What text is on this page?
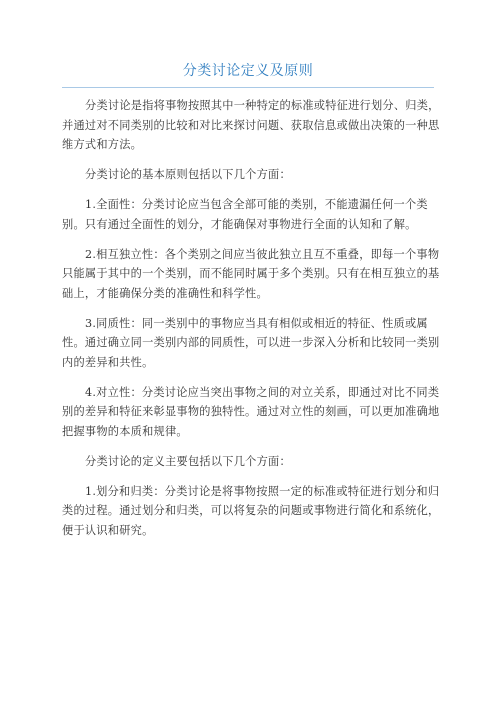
分类讨论定义及原则

分类讨论是指将事物按照其中一种特定的标准或特征进行划分、归类，并通过对不同类别的比较和对比来探讨问题、获取信息或做出决策的一种思维方式和方法。

分类讨论的基本原则包括以下几个方面：

1.全面性：分类讨论应当包含全部可能的类别，不能遗漏任何一个类别。只有通过全面性的划分，才能确保对事物进行全面的认知和了解。

2.相互独立性：各个类别之间应当彼此独立且互不重叠，即每一个事物只能属于其中的一个类别，而不能同时属于多个类别。只有在相互独立的基础上，才能确保分类的准确性和科学性。

3.同质性：同一类别中的事物应当具有相似或相近的特征、性质或属性。通过确立同一类别内部的同质性，可以进一步深入分析和比较同一类别内的差异和共性。

4.对立性：分类讨论应当突出事物之间的对立关系，即通过对比不同类别的差异和特征来彰显事物的独特性。通过对立性的刻画，可以更加准确地把握事物的本质和规律。

分类讨论的定义主要包括以下几个方面：

1.划分和归类：分类讨论是将事物按照一定的标准或特征进行划分和归类的过程。通过划分和归类，可以将复杂的问题或事物进行简化和系统化，便于认识和研究。
